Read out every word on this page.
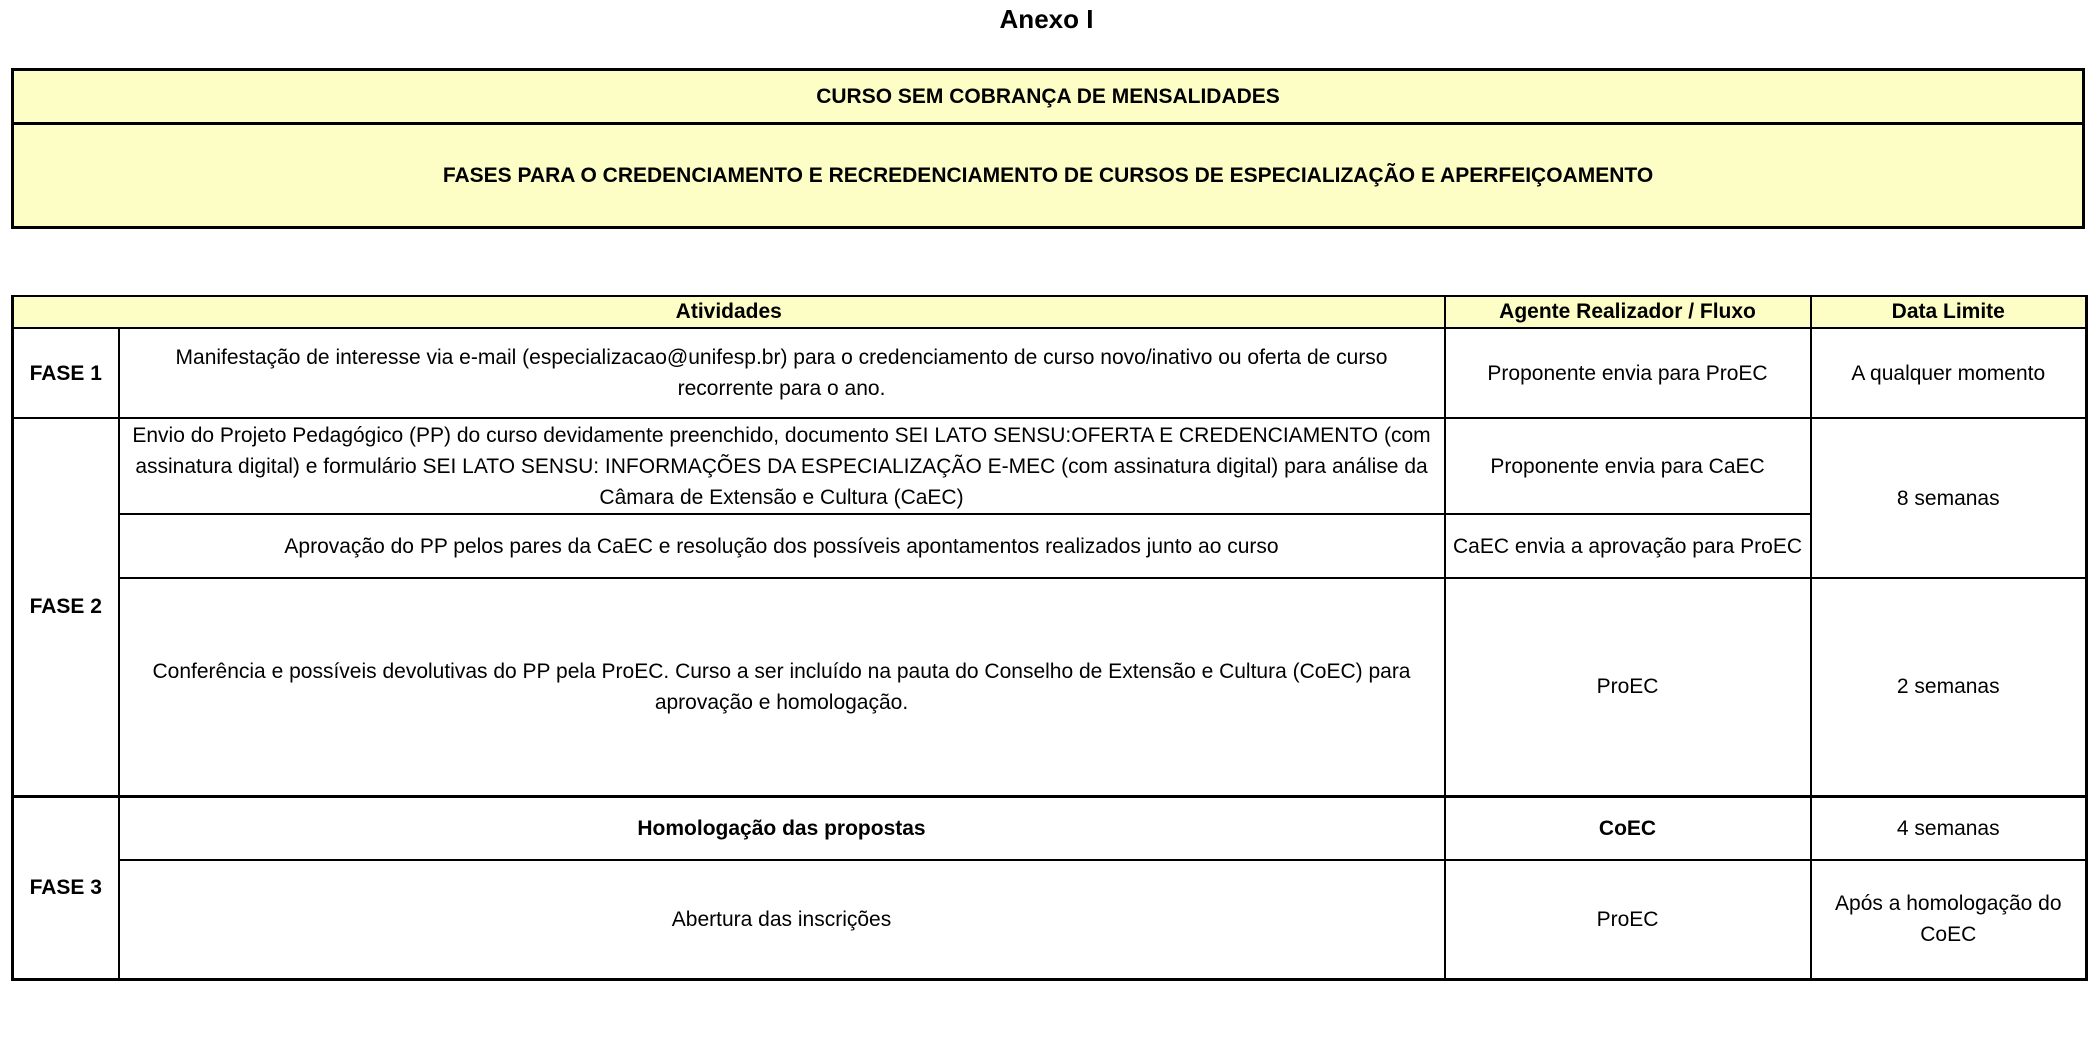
Anexo I
CURSO SEM COBRANÇA DE MENSALIDADES
FASES PARA O CREDENCIAMENTO E RECREDENCIAMENTO DE CURSOS DE ESPECIALIZAÇÃO E APERFEIÇOAMENTO
Atividades		Agente Realizador / Fluxo	Data Limite
FASE 1	Manifestação de interesse via e-mail (especializacao@unifesp.br) para o credenciamento de curso novo/inativo ou oferta de curso recorrente para o ano.	Proponente envia para ProEC	A qualquer momento
FASE 2	Envio do Projeto Pedagógico (PP) do curso devidamente preenchido, documento SEI LATO SENSU:OFERTA E CREDENCIAMENTO (com assinatura digital) e formulário SEI LATO SENSU: INFORMAÇÕES DA ESPECIALIZAÇÃO E-MEC (com assinatura digital) para análise da Câmara de Extensão e Cultura (CaEC)	Proponente envia para CaEC	8 semanas
	Aprovação do PP pelos pares da CaEC e resolução dos possíveis apontamentos realizados junto ao curso	CaEC envia a aprovação para ProEC	
	Conferência e possíveis devolutivas do PP pela ProEC. Curso a ser incluído na pauta do Conselho de Extensão e Cultura (CoEC) para aprovação e homologação.	ProEC	2 semanas
FASE 3	Homologação das propostas	CoEC	4 semanas
	Abertura das inscrições	ProEC	Após a homologação do CoEC
